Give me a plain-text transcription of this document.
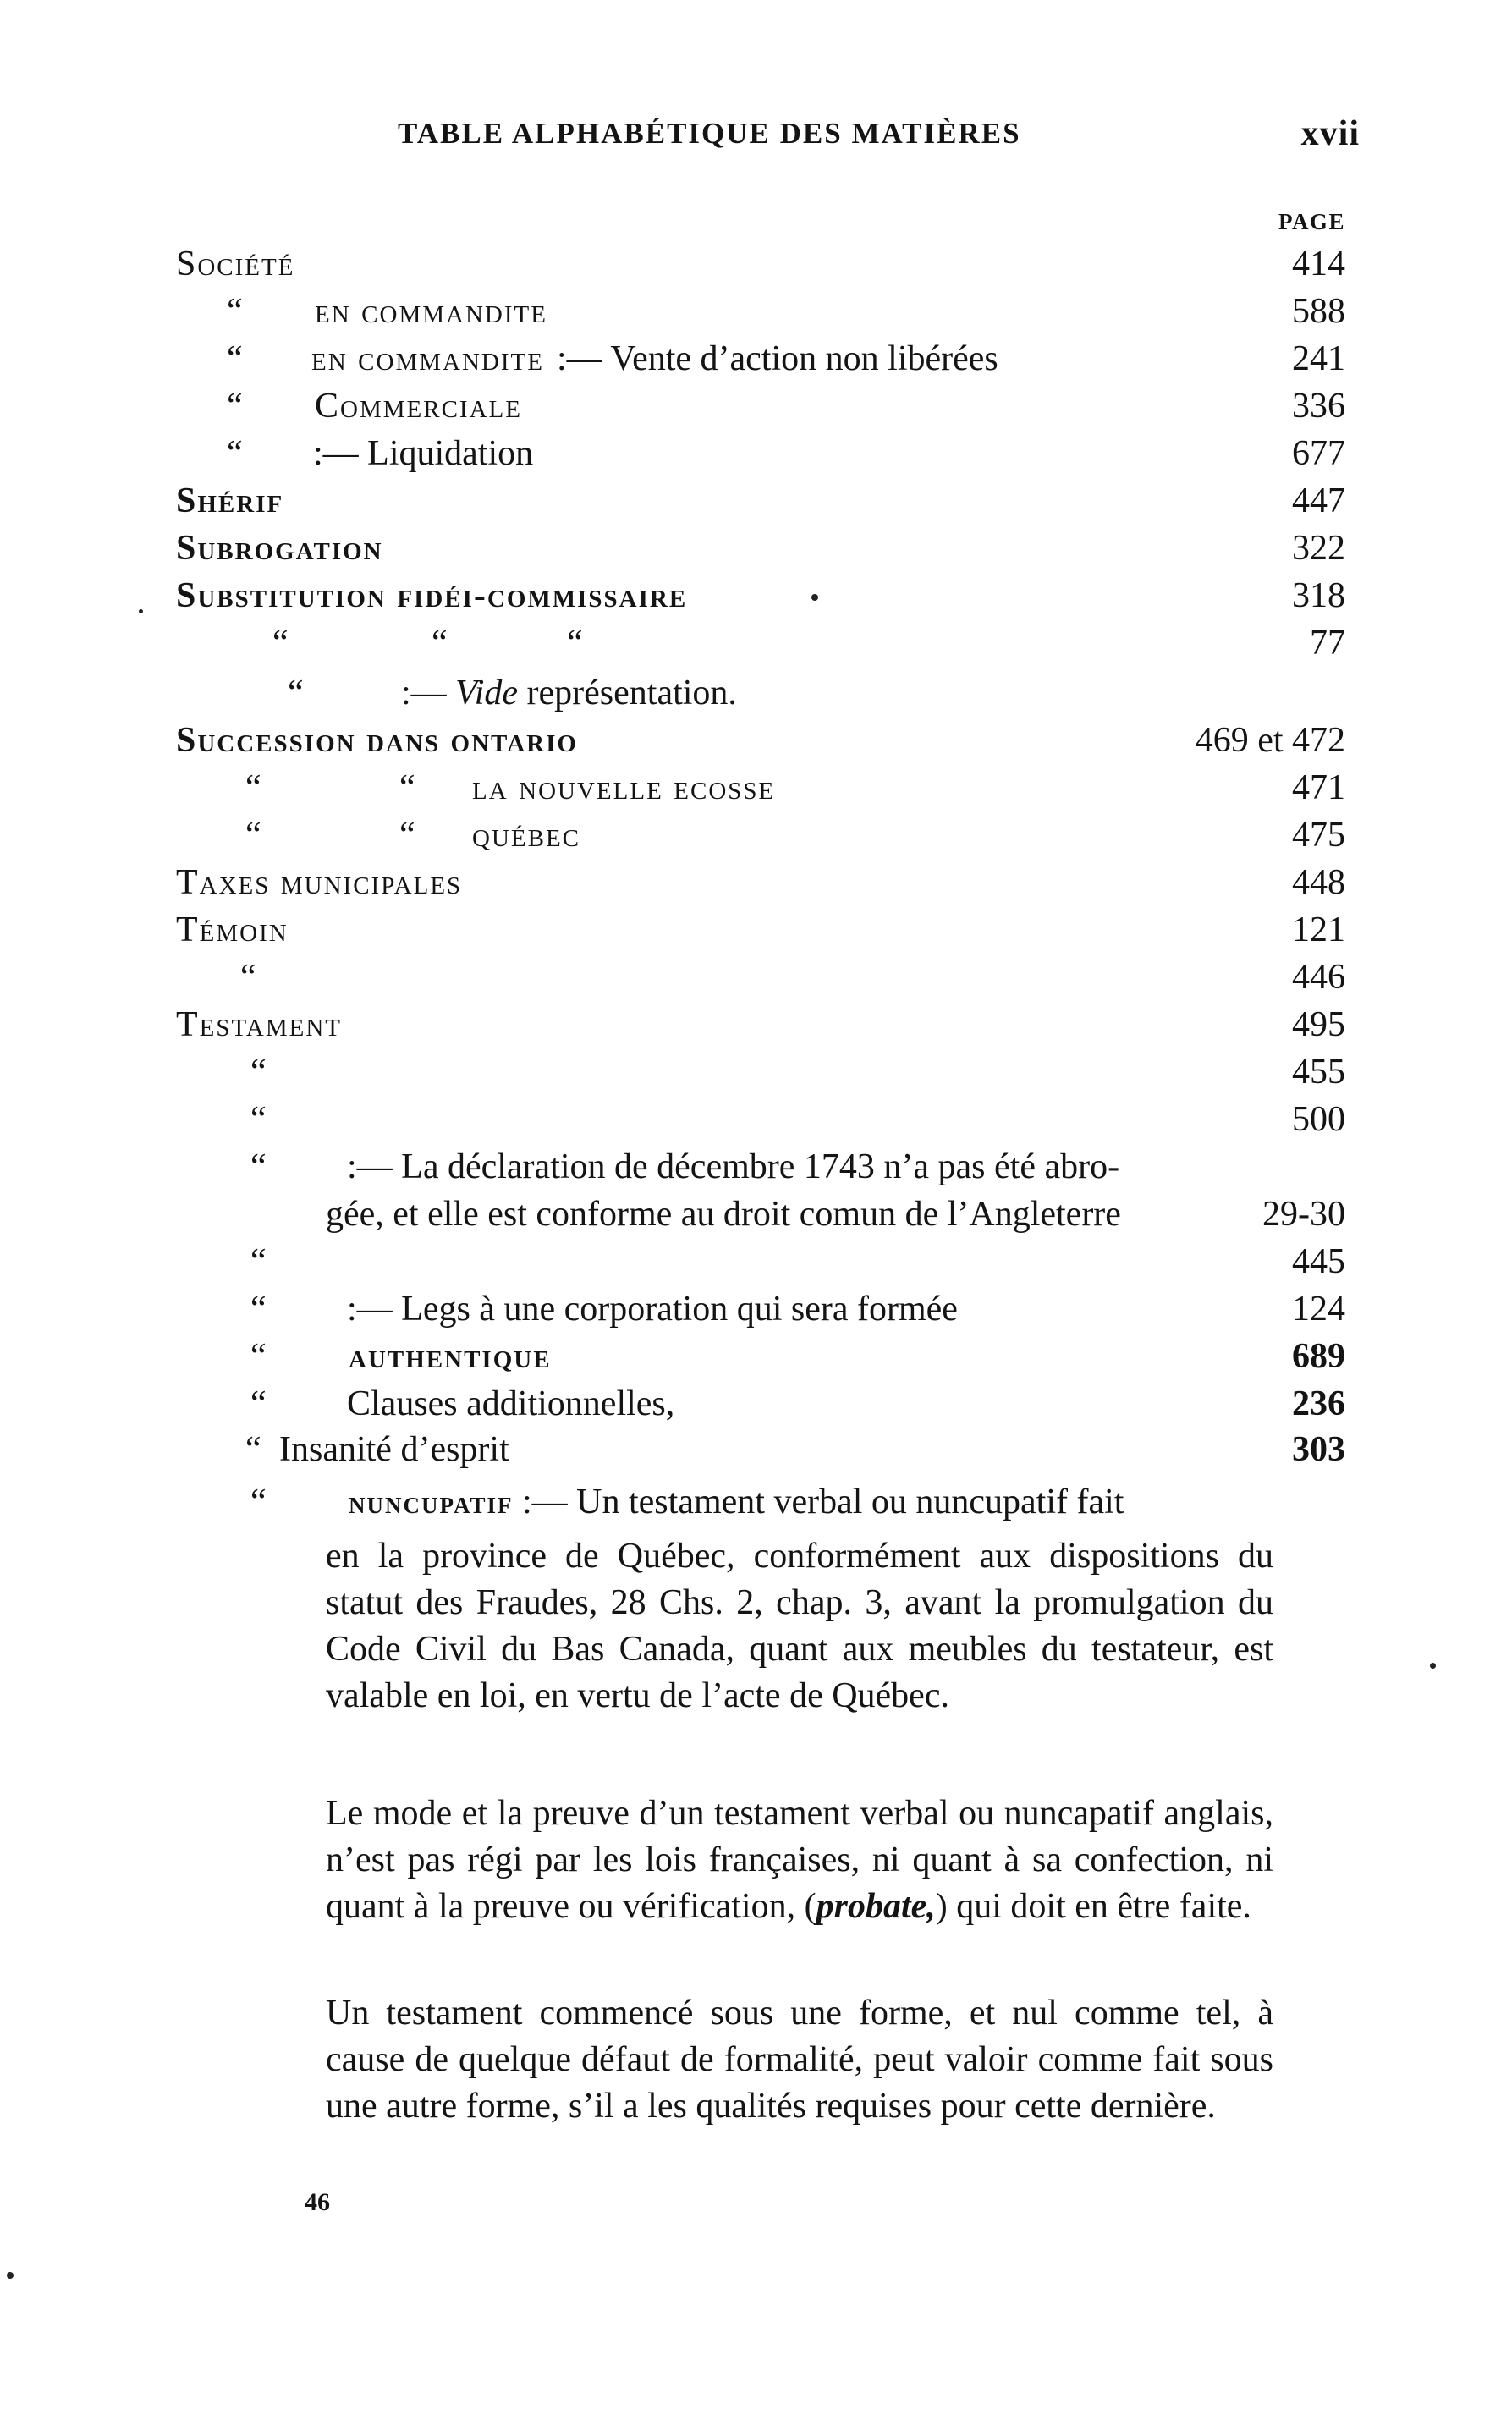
TABLE ALPHABÉTIQUE DES MATIÈRES	xvii
PAGE
Société	414
“ en commandite	588
“ en commandite :— Vente d’action non libérées	241
“ Commerciale	336
“ :— Liquidation	677
Shérif	447
Subrogation	322
Substitution fidéi-commissaire	318
“	“	“	77
“	:— Vide représentation.
Succession dans ontario	469 et 472
“	“ la nouvelle ecosse	471
“	“ québec	475
Taxes municipales	448
Témoin	121
“	446
Testament	495
“	455
“	500
“ :— La déclaration de décembre 1743 n’a pas été abro-
gée, et elle est conforme au droit comun de l’Angleterre	29-30
“	445
“ :— Legs à une corporation qui sera formée	124
“ authentique	689
“ Clauses additionnelles,	236
“ Insanité d’esprit	303
“	nuncupatif :— Un testament verbal ou nuncupatif fait
en la province de Québec, conformément aux dispositions du statut des Fraudes, 28 Chs. 2, chap. 3, avant la promulgation du Code Civil du Bas Canada, quant aux meubles du testateur, est valable en loi, en vertu de l’acte de Québec.
Le mode et la preuve d’un testament verbal ou nuncapatif anglais, n’est pas régi par les lois françaises, ni quant à sa confection, ni quant à la preuve ou vérification, (probate,) qui doit en être faite.
Un testament commencé sous une forme, et nul comme tel, à cause de quelque défaut de formalité, peut valoir comme fait sous une autre forme, s’il a les qualités requises pour cette dernière.
46
